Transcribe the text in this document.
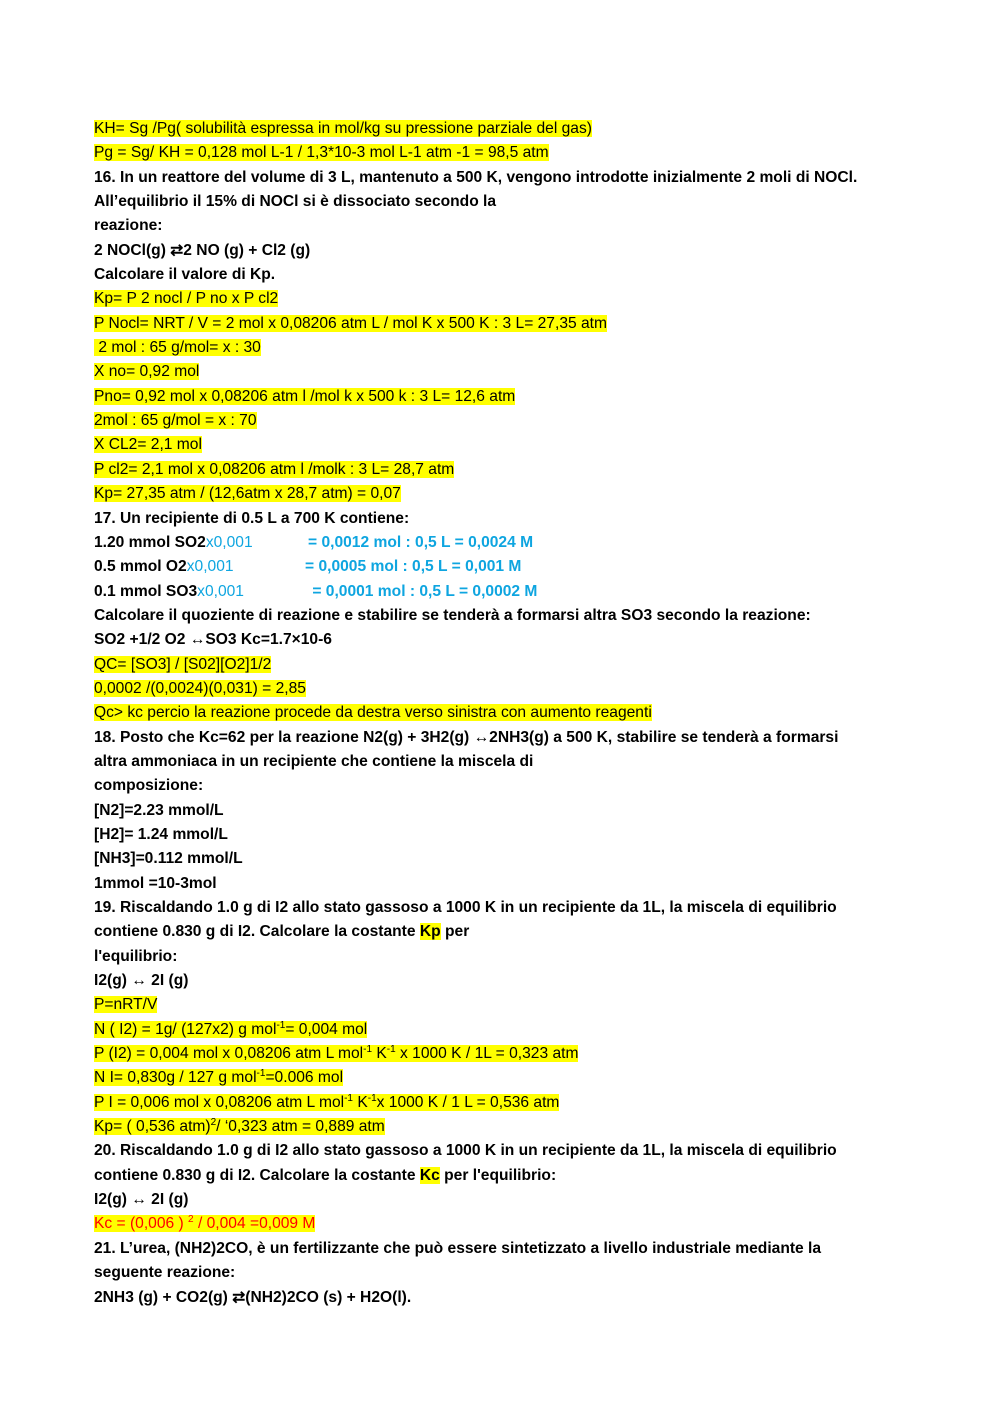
KH= Sg /Pg( solubilità espressa in mol/kg su pressione parziale del gas)
Pg = Sg/ KH = 0,128 mol L-1 / 1,3*10-3 mol L-1 atm -1 = 98,5 atm
16. In un reattore del volume di 3 L, mantenuto a 500 K, vengono introdotte inizialmente 2 moli di NOCl.
All’equilibrio il 15% di NOCl si è dissociato secondo la
reazione:
2 NOCl(g) ⇄2 NO (g) + Cl2 (g)
Calcolare il valore di Kp.
Kp= P 2 nocl / P no x P cl2
P Nocl= NRT / V = 2 mol x 0,08206 atm L / mol K x 500 K : 3 L= 27,35 atm
2 mol : 65 g/mol= x : 30
X no= 0,92 mol
Pno= 0,92 mol x 0,08206 atm l /mol k x 500 k : 3 L= 12,6 atm
2mol : 65 g/mol = x : 70
X CL2= 2,1 mol
P cl2= 2,1 mol x 0,08206 atm l /molk : 3 L= 28,7 atm
Kp= 27,35 atm / (12,6atm x 28,7 atm) = 0,07
17. Un recipiente di 0.5 L a 700 K contiene:
1.20 mmol SO2x0,001	= 0,0012 mol : 0,5 L = 0,0024 M
0.5 mmol O2x0,001	= 0,0005 mol : 0,5 L = 0,001 M
0.1 mmol SO3x0,001	= 0,0001 mol : 0,5 L = 0,0002 M
Calcolare il quoziente di reazione e stabilire se tenderà a formarsi altra SO3 secondo la reazione:
SO2 +1/2 O2 ↔SO3 Kc=1.7×10-6
QC= [SO3] / [S02][O2]1/2
0,0002 /(0,0024)(0,031) = 2,85
Qc> kc percio la reazione procede da destra verso sinistra con aumento reagenti
18. Posto che Kc=62 per la reazione N2(g) + 3H2(g) ↔2NH3(g) a 500 K, stabilire se tenderà a formarsi
altra ammoniaca in un recipiente che contiene la miscela di
composizione:
[N2]=2.23 mmol/L
[H2]= 1.24 mmol/L
[NH3]=0.112 mmol/L
1mmol =10-3mol
19. Riscaldando 1.0 g di I2 allo stato gassoso a 1000 K in un recipiente da 1L, la miscela di equilibrio
contiene 0.830 g di I2. Calcolare la costante Kp per
l'equilibrio:
I2(g) ↔ 2I (g)
P=nRT/V
N ( I2) = 1g/ (127x2) g mol$^{-1}$= 0,004 mol
P (I2) = 0,004 mol x 0,08206 atm L mol$^{-1}$ $K^{-1}$ x 1000 K / 1L = 0,323 atm
N I= 0,830g / 127 g mol$^{-1}$=0.006 mol
P I = 0,006 mol x 0,08206 atm L mol$^{-1}$ $K^{-1}x$ 1000 K / 1 L = 0,536 atm
Kp= ( 0,536 atm)$^2$/ ‘0,323 atm = 0,889 atm
20. Riscaldando 1.0 g di I2 allo stato gassoso a 1000 K in un recipiente da 1L, la miscela di equilibrio
contiene 0.830 g di I2. Calcolare la costante Kc per l'equilibrio:
I2(g) ↔ 2I (g)
Kc = (0,006 ) $^2$ / 0,004 =0,009 M
21. L’urea, (NH2)2CO, è un fertilizzante che può essere sintetizzato a livello industriale mediante la
seguente reazione:
2NH3 (g) + CO2(g) ⇄(NH2)2CO (s) + H2O(l).
